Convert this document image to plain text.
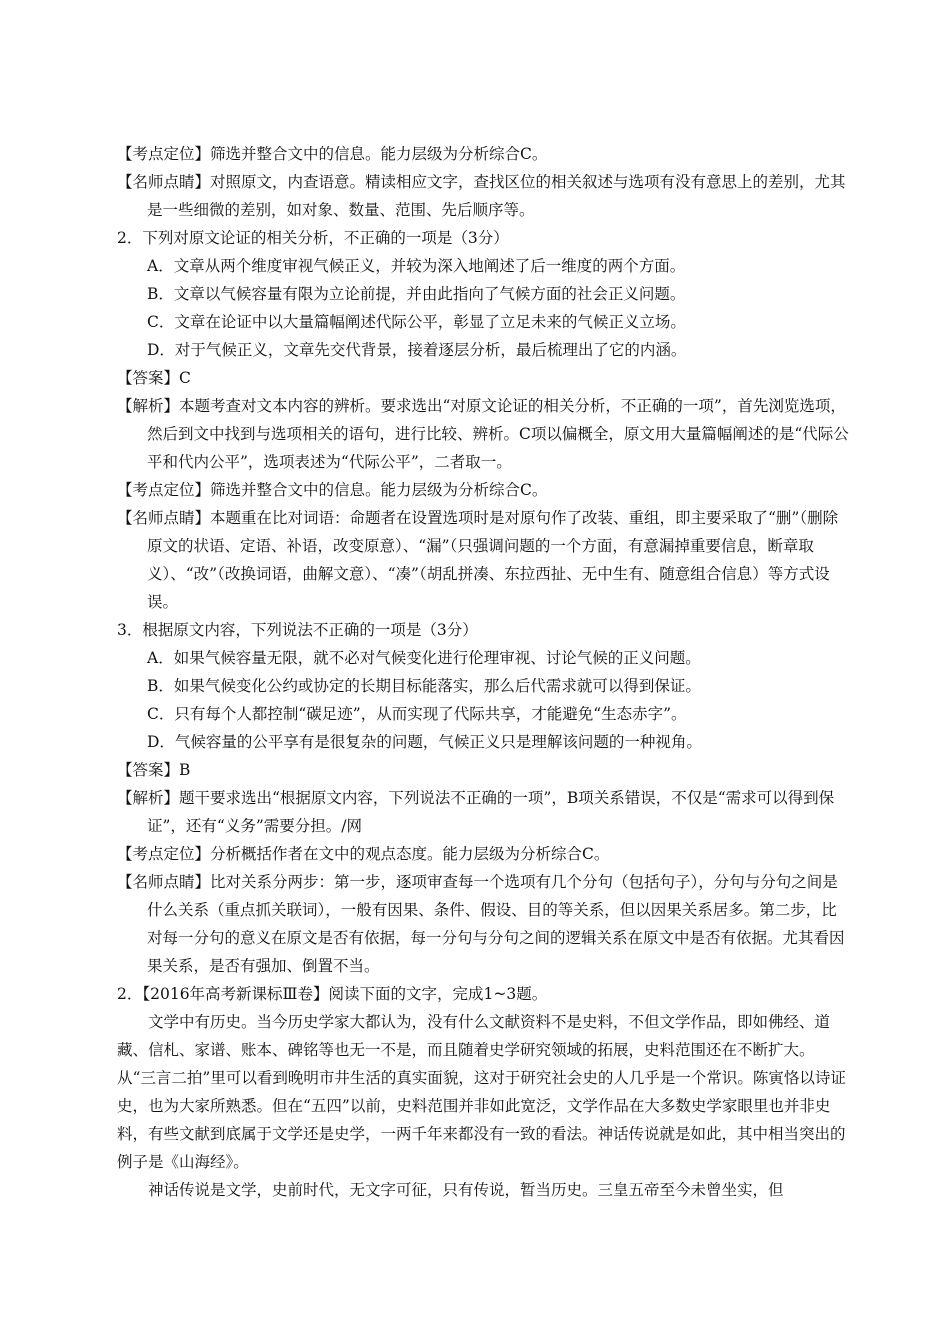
【考点定位】筛选并整合文中的信息。能力层级为分析综合C。

【名师点睛】对照原文，内查语意。精读相应文字，查找区位的相关叙述与选项有没有意思上的差别，尤其是一些细微的差别，如对象、数量、范围、先后顺序等。

2．下列对原文论证的相关分析，不正确的一项是（3分）

A．文章从两个维度审视气候正义，并较为深入地阐述了后一维度的两个方面。

B．文章以气候容量有限为立论前提，并由此指向了气候方面的社会正义问题。

C．文章在论证中以大量篇幅阐述代际公平，彰显了立足未来的气候正义立场。

D．对于气候正义，文章先交代背景，接着逐层分析，最后梳理出了它的内涵。

【答案】C

【解析】本题考查对文本内容的辨析。要求选出“对原文论证的相关分析，不正确的一项”，首先浏览选项，然后到文中找到与选项相关的语句，进行比较、辨析。C项以偏概全，原文用大量篇幅阐述的是“代际公平和代内公平”，选项表述为“代际公平”，二者取一。

【考点定位】筛选并整合文中的信息。能力层级为分析综合C。

【名师点睛】本题重在比对词语：命题者在设置选项时是对原句作了改装、重组，即主要采取了“删”（删除原文的状语、定语、补语，改变原意）、“漏”（只强调问题的一个方面，有意漏掉重要信息，断章取义）、“改”（改换词语，曲解文意）、“凑”（胡乱拼凑、东拉西扯、无中生有、随意组合信息）等方式设误。

3．根据原文内容，下列说法不正确的一项是（3分）

A．如果气候容量无限，就不必对气候变化进行伦理审视、讨论气候的正义问题。

B．如果气候变化公约或协定的长期目标能落实，那么后代需求就可以得到保证。

C．只有每个人都控制“碳足迹”，从而实现了代际共享，才能避免“生态赤字”。

D．气候容量的公平享有是很复杂的问题，气候正义只是理解该问题的一种视角。

【答案】B

【解析】题干要求选出“根据原文内容，下列说法不正确的一项”，B项关系错误，不仅是“需求可以得到保证”，还有“义务”需要分担。/网

【考点定位】分析概括作者在文中的观点态度。能力层级为分析综合C。

【名师点睛】比对关系分两步：第一步，逐项审查每一个选项有几个分句（包括句子），分句与分句之间是什么关系（重点抓关联词），一般有因果、条件、假设、目的等关系，但以因果关系居多。第二步，比对每一分句的意义在原文是否有依据，每一分句与分句之间的逻辑关系在原文中是否有依据。尤其看因果关系，是否有强加、倒置不当。

2．【2016年高考新课标Ⅲ卷】阅读下面的文字，完成1~3题。

文学中有历史。当今历史学家大都认为，没有什么文献资料不是史料，不但文学作品，即如佛经、道藏、信札、家谱、账本、碑铭等也无一不是，而且随着史学研究领域的拓展，史料范围还在不断扩大。从“三言二拍”里可以看到晚明市井生活的真实面貌，这对于研究社会史的人几乎是一个常识。陈寅恪以诗证史，也为大家所熟悉。但在“五四”以前，史料范围并非如此宽泛，文学作品在大多数史学家眼里也并非史料，有些文献到底属于文学还是史学，一两千年来都没有一致的看法。神话传说就是如此，其中相当突出的例子是《山海经》。

神话传说是文学，史前时代，无文字可征，只有传说，暂当历史。三皇五帝至今未曾坐实，但
